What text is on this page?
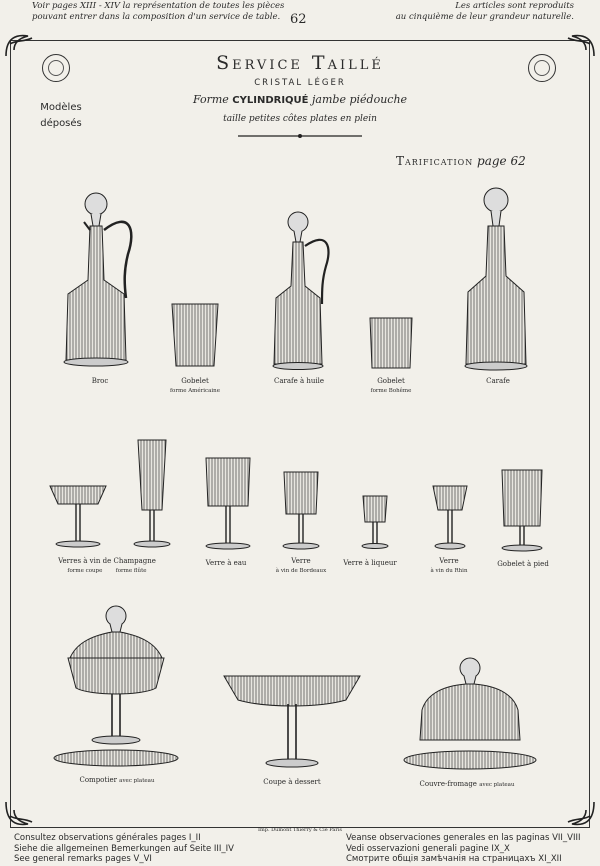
Voir pages XIII - XIV la représentation de toutes les pièces
pouvant entrer dans la composition d'un service de table. 62
Les articles sont reproduits
au cinquième de leur grandeur naturelle.
Service Taillé
CRISTAL LÉGER
Forme CYLINDRIQUÉ jambe piédouche
taille petites côtes plates en plein
Modèles
déposés
Tarification page 62
Broc	Gobelet
forme Américaine
Carafe à huile	Gobelet
forme Bohême
Carafe
Verres à vin de Champagne
forme coupe forme flûte
Verre à eau	Verre
à vin de Bordeaux
Verre à liqueur	Verre
à vin du Rhin
Gobelet à pied
Compotier avec plateau	Coupe à dessert	Couvre-fromage avec plateau
Imp. Dumont Thierry & Cie Paris
Consultez observations générales pages I_II
Siehe die allgemeinen Bemerkungen auf Seite III_IV
See general remarks pages V_VI
Veanse observaciones generales en las paginas VII_VIII
Vedi osservazioni generali pagine IX_X
Смотрите общія замѣчанія на страницахъ XI_XII
